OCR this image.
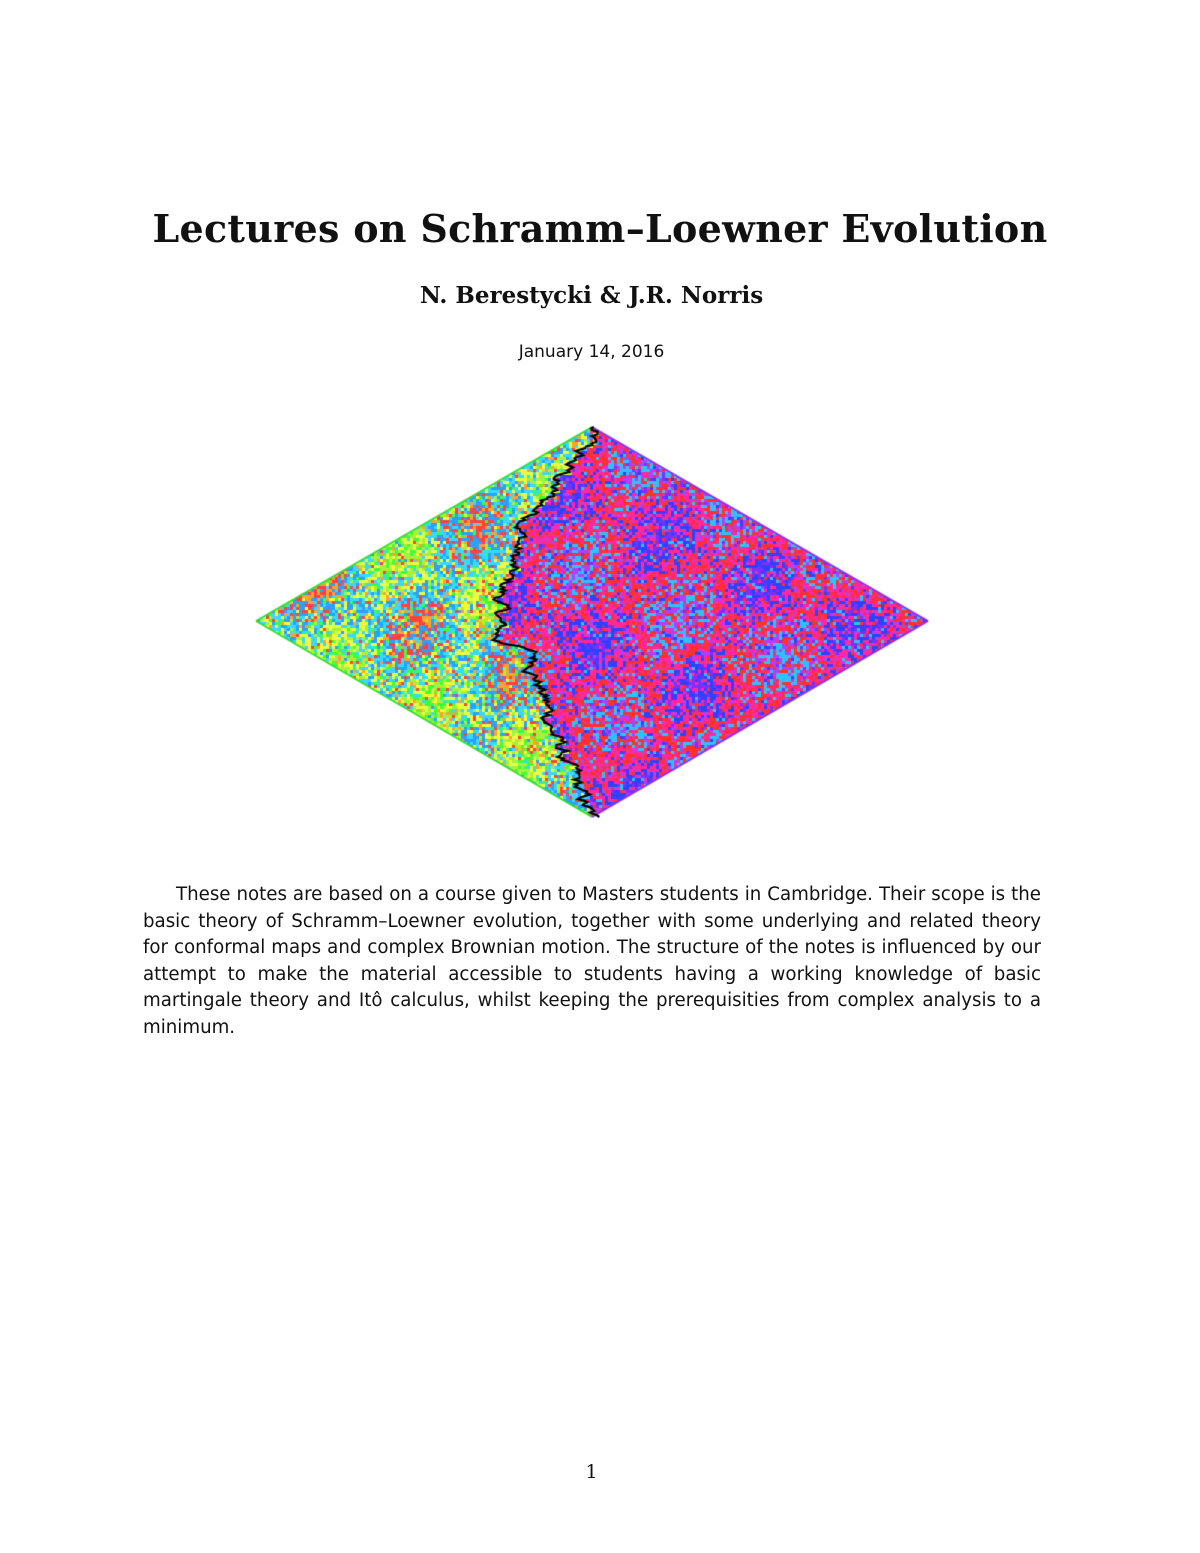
Lectures on Schramm–Loewner Evolution
N. Berestycki & J.R. Norris
January 14, 2016

These notes are based on a course given to Masters students in Cambridge. Their scope is the basic theory of Schramm–Loewner evolution, together with some underlying and related theory for conformal maps and complex Brownian motion. The structure of the notes is influenced by our attempt to make the material accessible to students having a working knowledge of basic martingale theory and Itô calculus, whilst keeping the prerequisities from complex analysis to a minimum.

1
